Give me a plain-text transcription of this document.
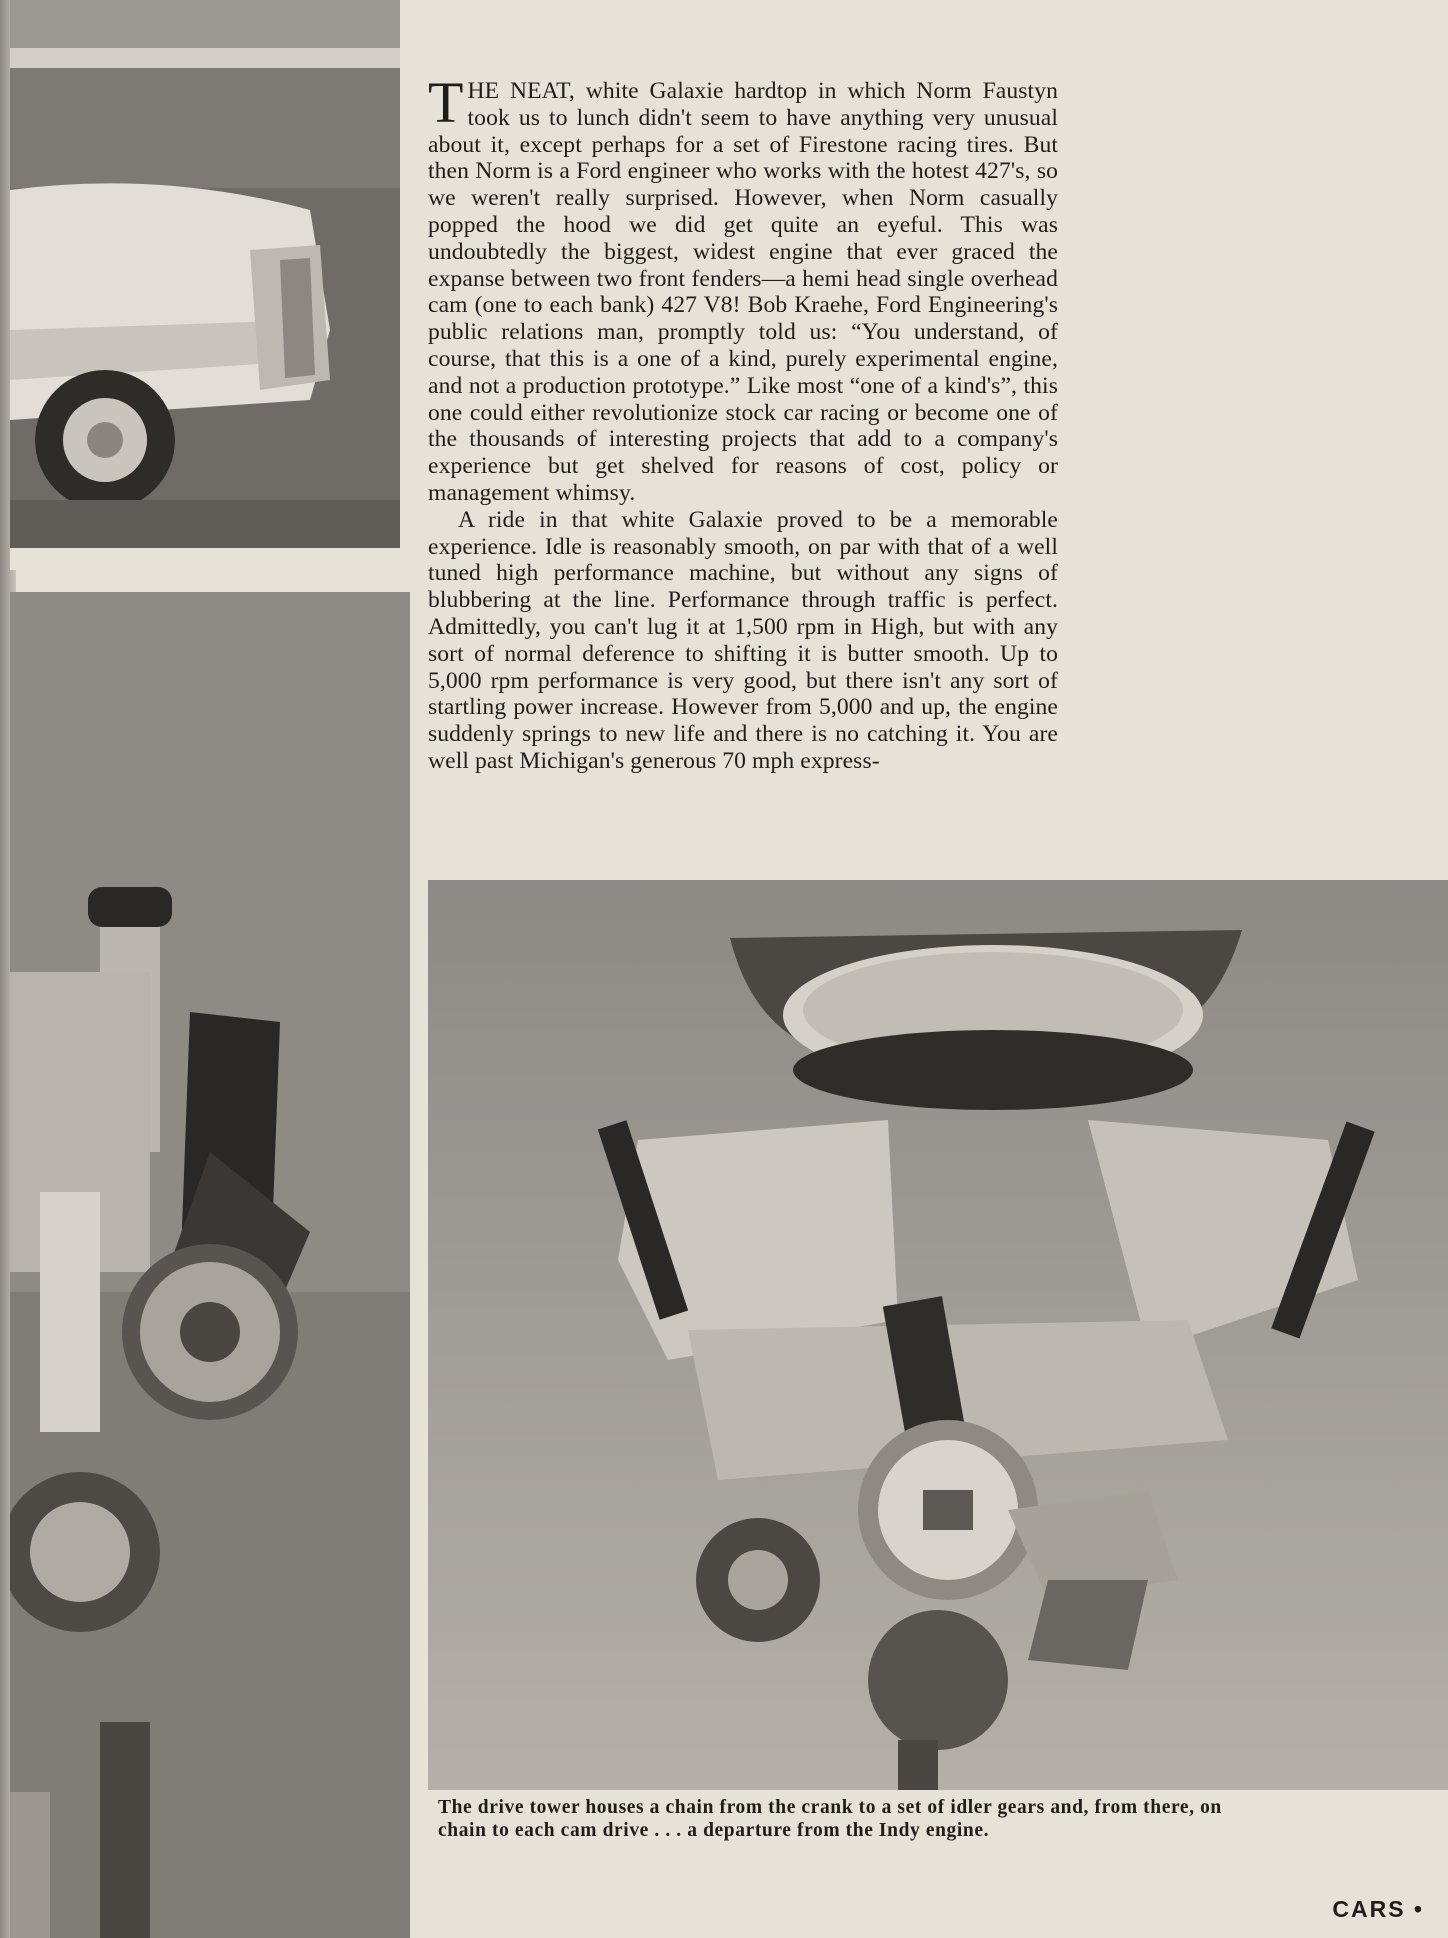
THE NEAT, white Galaxie hardtop in which Norm Faustyn took us to lunch didn't seem to have anything very unusual about it, except perhaps for a set of Firestone racing tires. But then Norm is a Ford engineer who works with the hotest 427's, so we weren't really surprised. However, when Norm casually popped the hood we did get quite an eyeful. This was undoubtedly the biggest, widest engine that ever graced the expanse between two front fenders—a hemi head single overhead cam (one to each bank) 427 V8! Bob Kraehe, Ford Engineering's public relations man, promptly told us: “You understand, of course, that this is a one of a kind, purely experimental engine, and not a production prototype.” Like most “one of a kind's”, this one could either revolutionize stock car racing or become one of the thousands of interesting projects that add to a company's experience but get shelved for reasons of cost, policy or management whimsy.

A ride in that white Galaxie proved to be a memorable experience. Idle is reasonably smooth, on par with that of a well tuned high performance machine, but without any signs of blubbering at the line. Performance through traffic is perfect. Admittedly, you can't lug it at 1,500 rpm in High, but with any sort of normal deference to shifting it is butter smooth. Up to 5,000 rpm performance is very good, but there isn't any sort of startling power increase. However from 5,000 and up, the engine suddenly springs to new life and there is no catching it. You are well past Michigan's generous 70 mph express-

The drive tower houses a chain from the crank to a set of idler gears and, from there, on
chain to each cam drive . . . a departure from the Indy engine.
CARS •
